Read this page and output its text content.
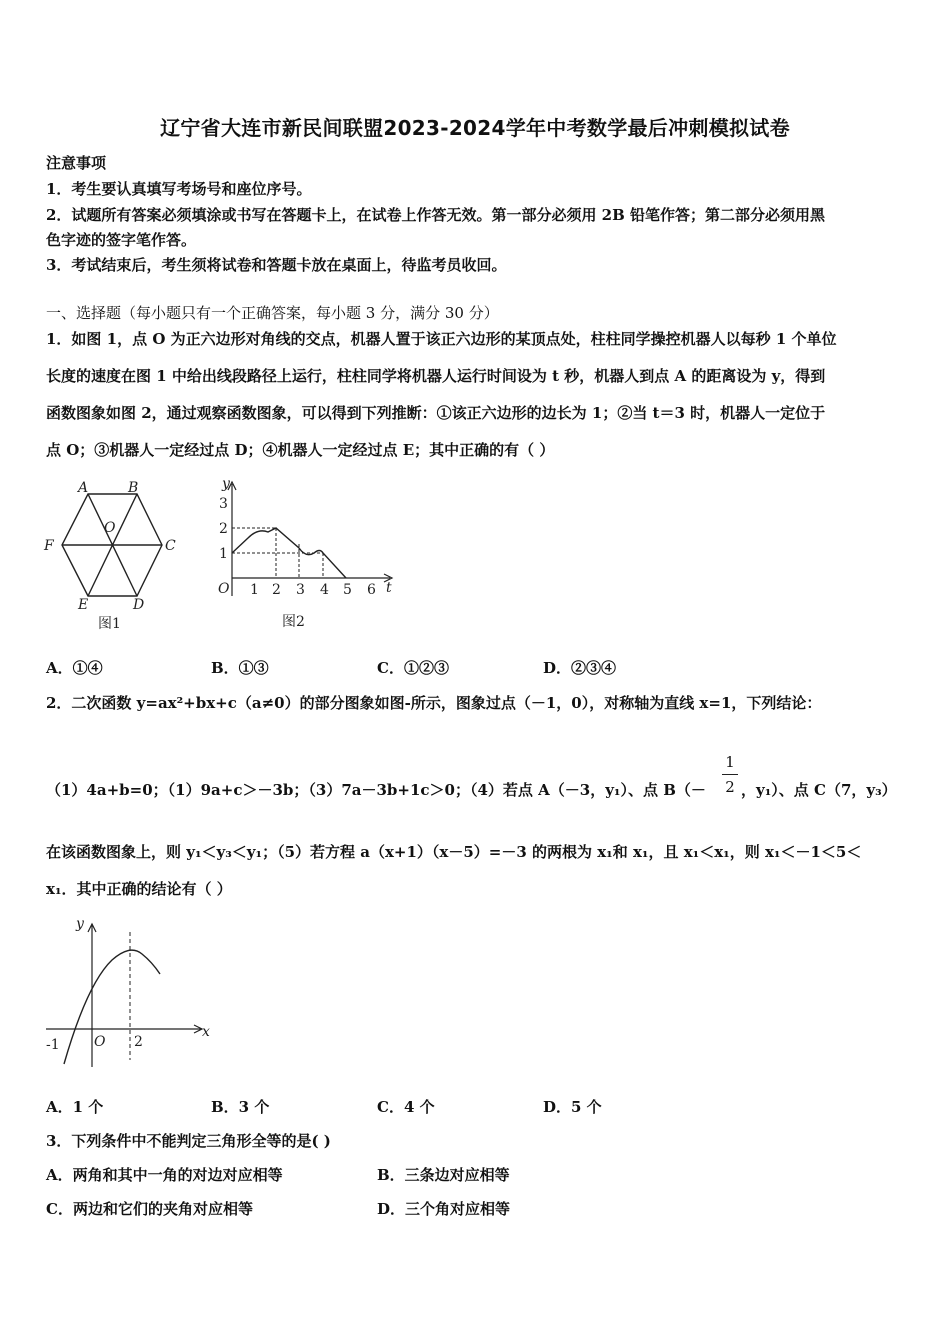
辽宁省大连市新民间联盟2023-2024学年中考数学最后冲刺模拟试卷
注意事项
1．考生要认真填写考场号和座位序号。
2．试题所有答案必须填涂或书写在答题卡上，在试卷上作答无效。第一部分必须用 2B 铅笔作答；第二部分必须用黑
色字迹的签字笔作答。
3．考试结束后，考生须将试卷和答题卡放在桌面上，待监考员收回。
一、选择题（每小题只有一个正确答案，每小题 3 分，满分 30 分）
1．如图 1，点 O 为正六边形对角线的交点，机器人置于该正六边形的某顶点处，柱柱同学操控机器人以每秒 1 个单位
长度的速度在图 1 中给出线段路径上运行，柱柱同学将机器人运行时间设为 t 秒，机器人到点 A 的距离设为 y，得到
函数图象如图 2，通过观察函数图象，可以得到下列推断：①该正六边形的边长为 1；②当 t＝3 时，机器人一定位于
点 O；③机器人一定经过点 D；④机器人一定经过点 E；其中正确的有（ ）
A	B
C
D
E
F
O
图1
y
t
O
1
2
3
1 2 3 4 5 6
图2
A．①④	B．①③	C．①②③	D．②③④
2．二次函数 y=ax²+bx+c（a≠0）的部分图象如图-所示，图象过点（－1，0），对称轴为直线 x=1，下列结论：
（1）4a+b=0；（1）9a+c＞－3b；（3）7a－3b+1c＞0；（4）若点 A（－3，y₁）、点 B（－
1
2 ，y₁）、点 C（7，y₃）
在该函数图象上，则 y₁＜y₃＜y₁；（5）若方程 a（x+1）（x－5）=－3 的两根为 x₁和 x₁，且 x₁＜x₁，则 x₁＜－1＜5＜
x₁．其中正确的结论有（ ）
y
x
O
-1	2
A．1 个	B．3 个	C．4 个	D．5 个
3．下列条件中不能判定三角形全等的是( )
A．两角和其中一角的对边对应相等	B．三条边对应相等
C．两边和它们的夹角对应相等	D．三个角对应相等
